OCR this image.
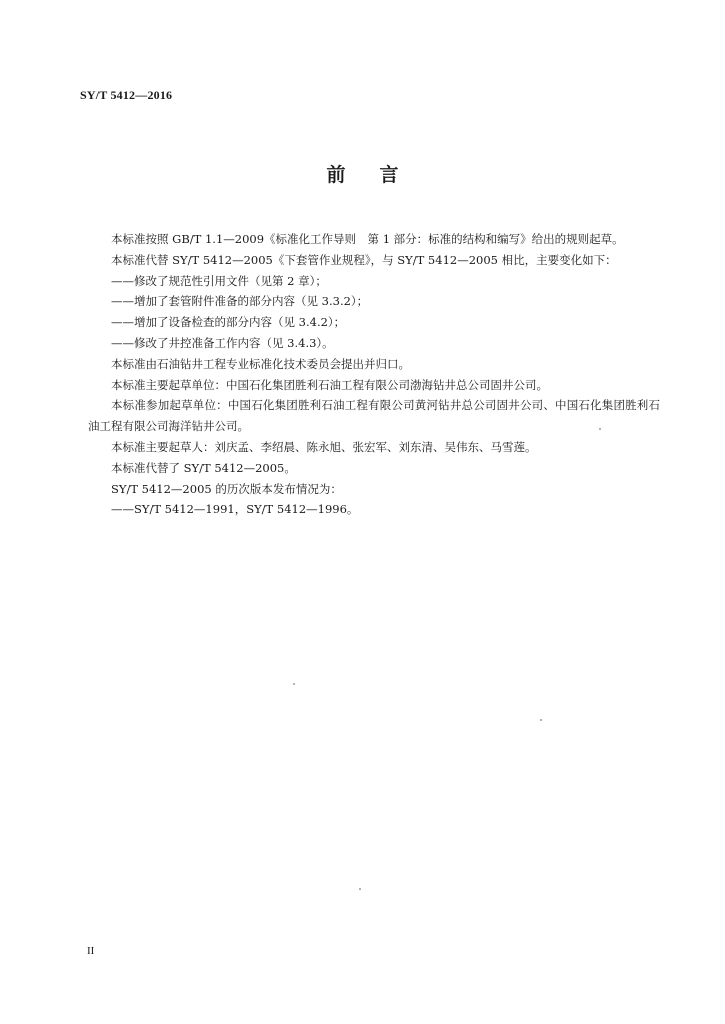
SY/T 5412—2016
前言

本标准按照 GB/T 1.1—2009《标准化工作导则　第 1 部分：标准的结构和编写》给出的规则起草。

本标准代替 SY/T 5412—2005《下套管作业规程》，与 SY/T 5412—2005 相比，主要变化如下：

——修改了规范性引用文件（见第 2 章）；

——增加了套管附件准备的部分内容（见 3.3.2）；

——增加了设备检查的部分内容（见 3.4.2）；

——修改了井控准备工作内容（见 3.4.3）。

本标准由石油钻井工程专业标准化技术委员会提出并归口。

本标准主要起草单位：中国石化集团胜利石油工程有限公司渤海钻井总公司固井公司。

本标准参加起草单位：中国石化集团胜利石油工程有限公司黄河钻井总公司固井公司、中国石化集团胜利石油工程有限公司海洋钻井公司。

本标准主要起草人：刘庆孟、李绍晨、陈永旭、张宏军、刘东清、吴伟东、马雪莲。

本标准代替了 SY/T 5412—2005。

SY/T 5412—2005 的历次版本发布情况为：

——SY/T 5412—1991，SY/T 5412—1996。

II
